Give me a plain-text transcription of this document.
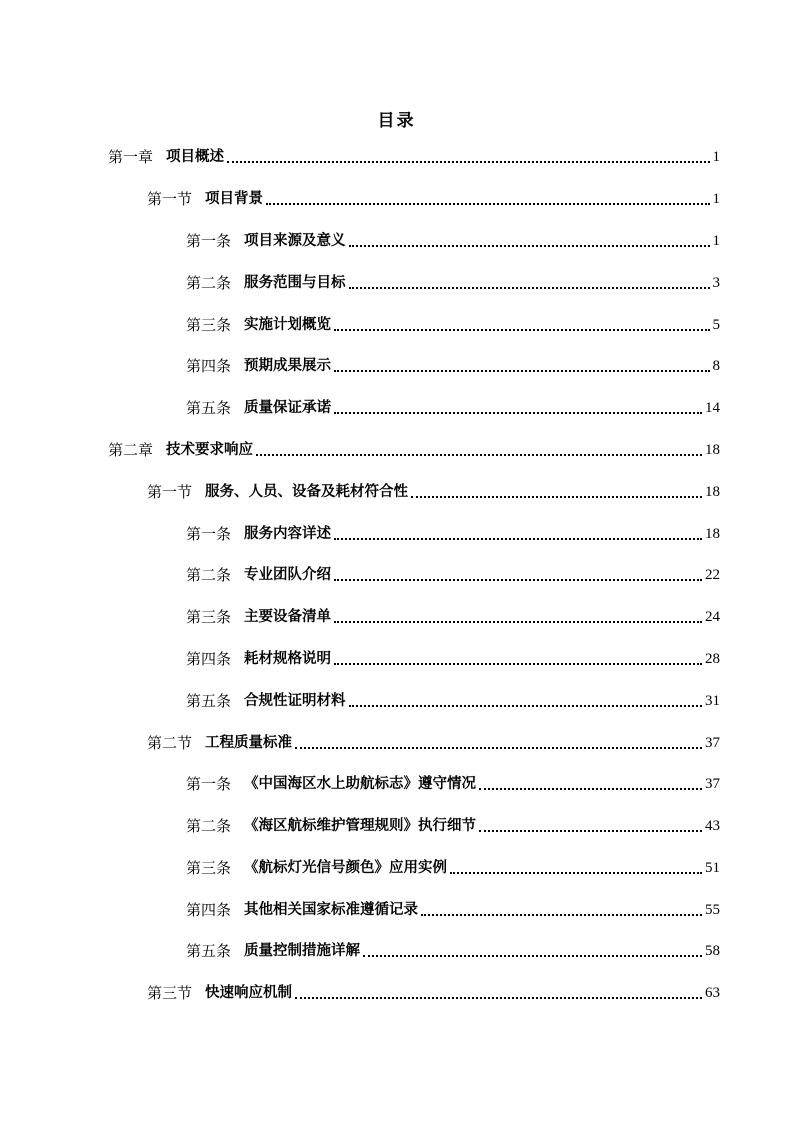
目录
第一章 项目概述	1
第一节 项目背景	1
第一条 项目来源及意义	1
第二条 服务范围与目标	3
第三条 实施计划概览	5
第四条 预期成果展示	8
第五条 质量保证承诺	14
第二章 技术要求响应	18
第一节 服务、人员、设备及耗材符合性	18
第一条 服务内容详述	18
第二条 专业团队介绍	22
第三条 主要设备清单	24
第四条 耗材规格说明	28
第五条 合规性证明材料	31
第二节 工程质量标准	37
第一条 《中国海区水上助航标志》遵守情况	37
第二条 《海区航标维护管理规则》执行细节	43
第三条 《航标灯光信号颜色》应用实例	51
第四条 其他相关国家标准遵循记录	55
第五条 质量控制措施详解	58
第三节 快速响应机制	63
